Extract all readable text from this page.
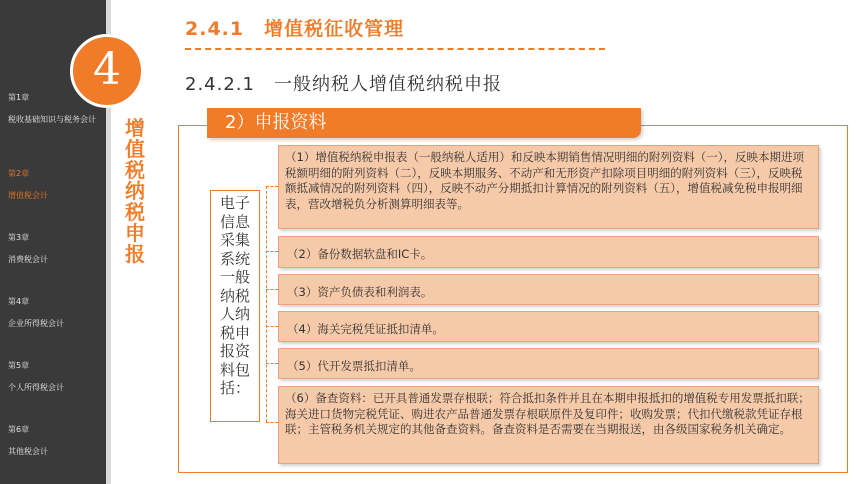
第1章
税收基础知识与税务会计
第2章
增值税会计
第3章
消费税会计
第4章
企业所得税会计
第5章
个人所得税会计
第6章
其他税会计
4
增值税纳税申报
2.4.1　增值税征收管理
2.4.2.1　一般纳税人增值税纳税申报
2）申报资料
电子信息采集系统一般纳税人纳税申报资料包括：
（1）增值税纳税申报表（一般纳税人适用）和反映本期销售情况明细的附列资料（一），反映本期进项税额明细的附列资料（二），反映本期服务、不动产和无形资产扣除项目明细的附列资料（三），反映税额抵减情况的附列资料（四），反映不动产分期抵扣计算情况的附列资料（五），增值税减免税申报明细表，营改增税负分析测算明细表等。
（2）备份数据软盘和IC卡。
（3）资产负债表和利润表。
（4）海关完税凭证抵扣清单。
（5）代开发票抵扣清单。
（6）备查资料：已开具普通发票存根联；符合抵扣条件并且在本期申报抵扣的增值税专用发票抵扣联；海关进口货物完税凭证、购进农产品普通发票存根联原件及复印件；收购发票；代扣代缴税款凭证存根联；主管税务机关规定的其他备查资料。备查资料是否需要在当期报送，由各级国家税务机关确定。
